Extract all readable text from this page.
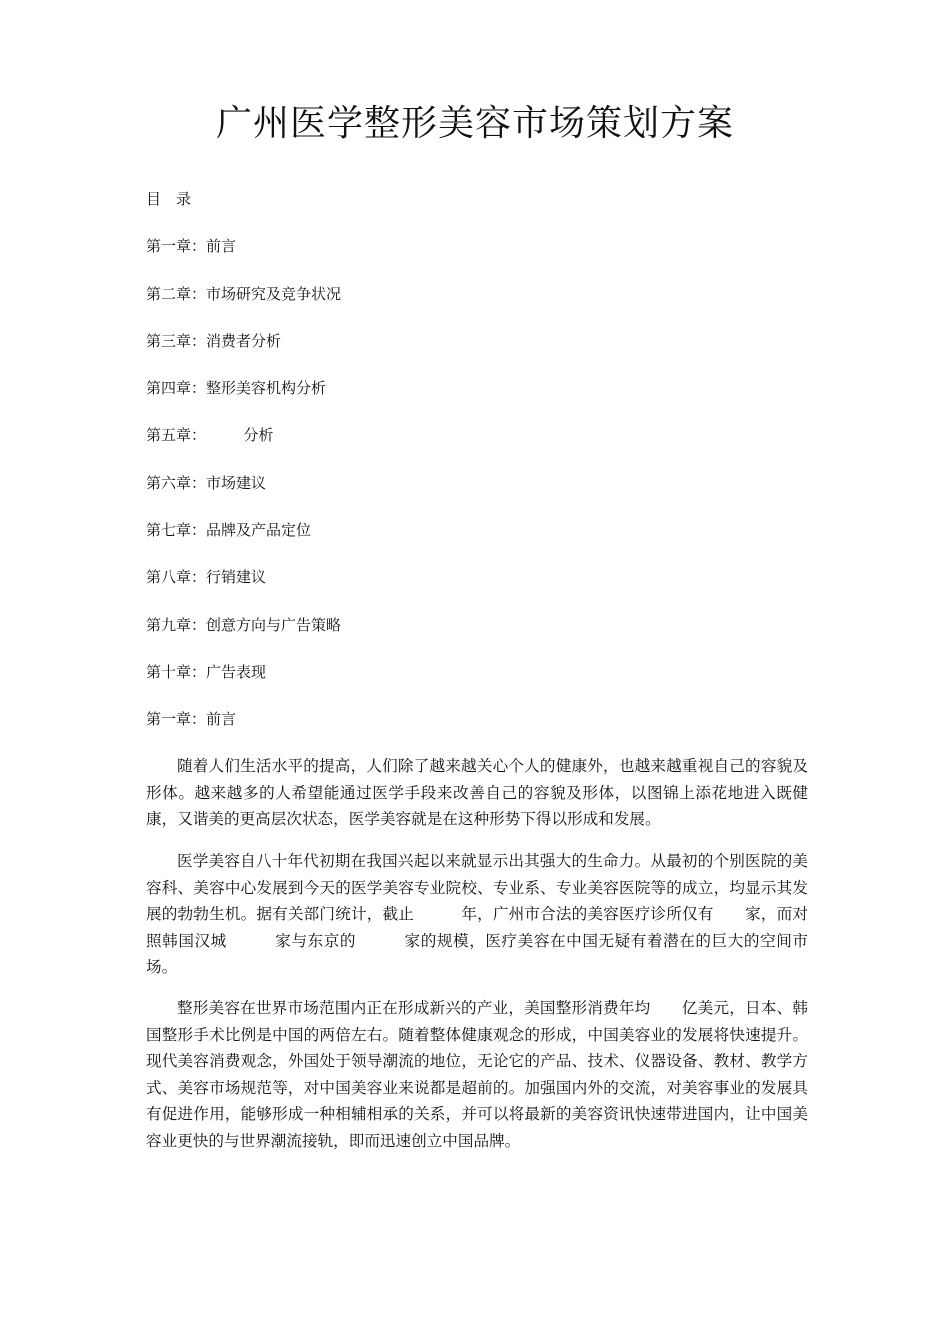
广州医学整形美容市场策划方案

目　录

第一章：前言

第二章：市场研究及竞争状况

第三章：消费者分析

第四章：整形美容机构分析

第五章：　　　分析

第六章：市场建议

第七章：品牌及产品定位

第八章：行销建议

第九章：创意方向与广告策略

第十章：广告表现

第一章：前言

随着人们生活水平的提高，人们除了越来越关心个人的健康外，也越来越重视自己的容貌及形体。越来越多的人希望能通过医学手段来改善自己的容貌及形体，以图锦上添花地进入既健康，又谐美的更高层次状态，医学美容就是在这种形势下得以形成和发展。

医学美容自八十年代初期在我国兴起以来就显示出其强大的生命力。从最初的个别医院的美容科、美容中心发展到今天的医学美容专业院校、专业系、专业美容医院等的成立，均显示其发展的勃勃生机。据有关部门统计，截止　　　年，广州市合法的美容医疗诊所仅有　　家，而对照韩国汉城　　　家与东京的　　　家的规模，医疗美容在中国无疑有着潜在的巨大的空间市场。

整形美容在世界市场范围内正在形成新兴的产业，美国整形消费年均　　亿美元，日本、韩国整形手术比例是中国的两倍左右。随着整体健康观念的形成，中国美容业的发展将快速提升。现代美容消费观念，外国处于领导潮流的地位，无论它的产品、技术、仪器设备、教材、教学方式、美容市场规范等，对中国美容业来说都是超前的。加强国内外的交流，对美容事业的发展具有促进作用，能够形成一种相辅相承的关系，并可以将最新的美容资讯快速带进国内，让中国美容业更快的与世界潮流接轨，即而迅速创立中国品牌。
